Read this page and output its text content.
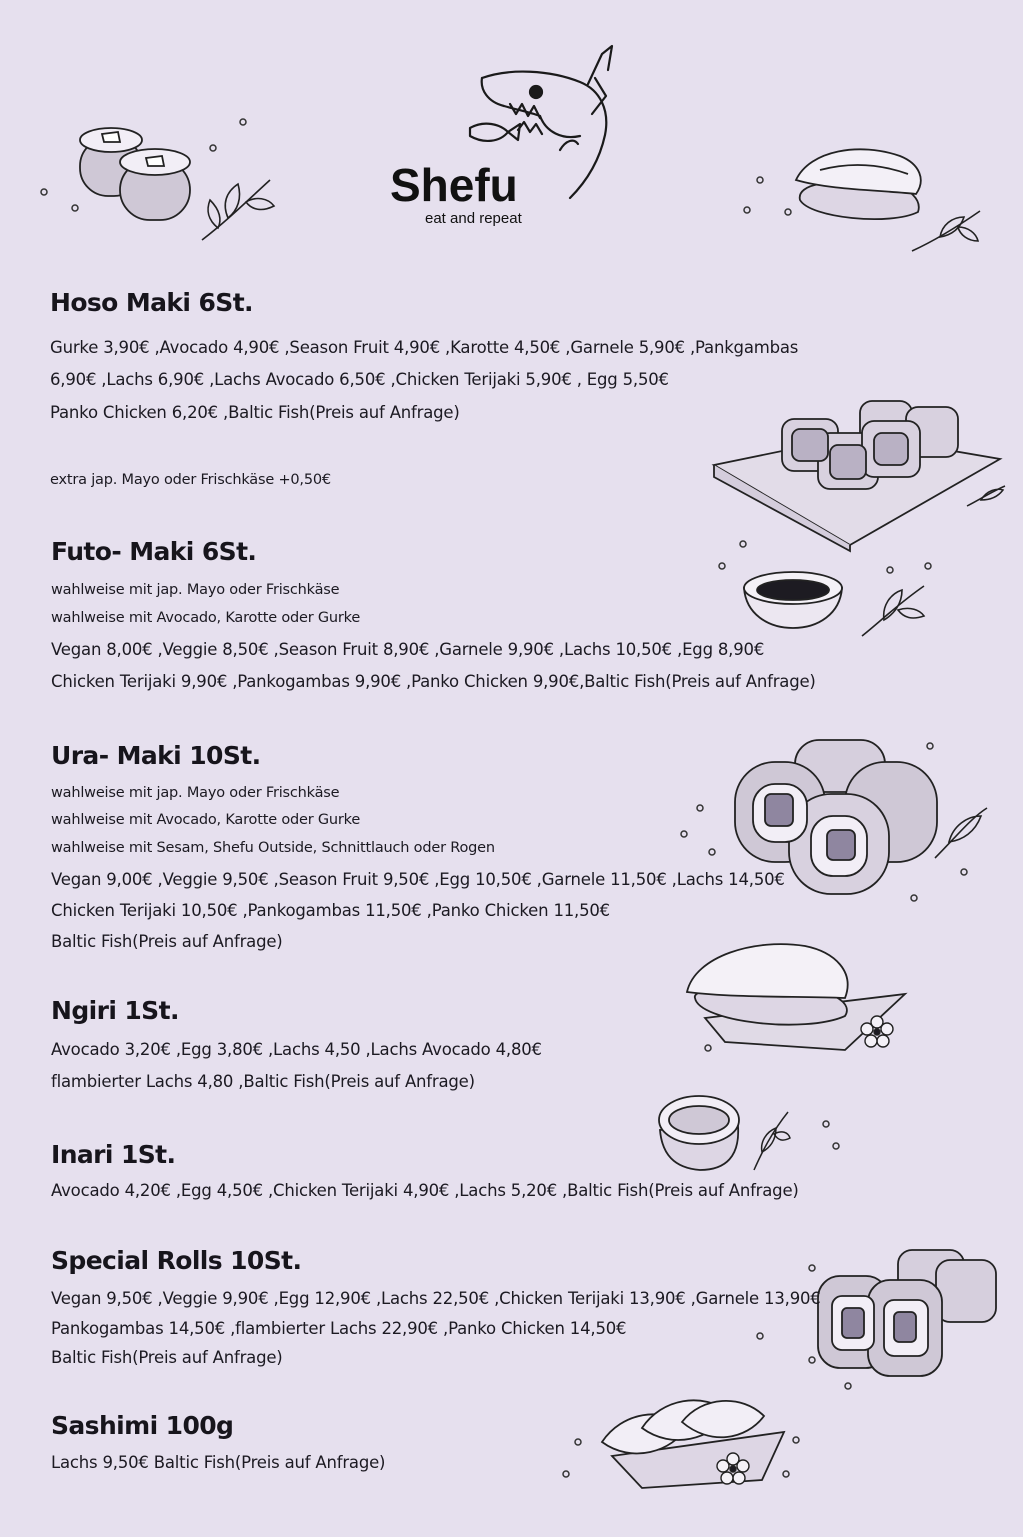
Shefu
eat and repeat
Hoso Maki 6St.
Gurke 3,90€ ,Avocado 4,90€ ,Season Fruit 4,90€ ,Karotte 4,50€ ,Garnele 5,90€ ,Pankgambas
6,90€ ,Lachs 6,90€ ,Lachs Avocado 6,50€ ,Chicken Terijaki 5,90€ , Egg 5,50€
Panko Chicken 6,20€ ,Baltic Fish(Preis auf Anfrage)
extra jap. Mayo oder Frischkäse +0,50€
Futo- Maki 6St.
wahlweise mit jap. Mayo oder Frischkäse
wahlweise mit Avocado, Karotte oder Gurke
Vegan 8,00€ ,Veggie 8,50€ ,Season Fruit 8,90€ ,Garnele 9,90€ ,Lachs 10,50€ ,Egg 8,90€
Chicken Terijaki 9,90€ ,Pankogambas 9,90€ ,Panko Chicken 9,90€,Baltic Fish(Preis auf Anfrage)
Ura- Maki 10St.
wahlweise mit jap. Mayo oder Frischkäse
wahlweise mit Avocado, Karotte oder Gurke
wahlweise mit Sesam, Shefu Outside, Schnittlauch oder Rogen
Vegan 9,00€ ,Veggie 9,50€ ,Season Fruit 9,50€ ,Egg 10,50€ ,Garnele 11,50€ ,Lachs 14,50€
Chicken Terijaki 10,50€ ,Pankogambas 11,50€ ,Panko Chicken 11,50€
Baltic Fish(Preis auf Anfrage)
Ngiri 1St.
Avocado 3,20€ ,Egg 3,80€ ,Lachs 4,50 ,Lachs Avocado 4,80€
flambierter Lachs 4,80 ,Baltic Fish(Preis auf Anfrage)
Inari 1St.
Avocado 4,20€ ,Egg 4,50€ ,Chicken Terijaki 4,90€ ,Lachs 5,20€ ,Baltic Fish(Preis auf Anfrage)
Special Rolls 10St.
Vegan 9,50€ ,Veggie 9,90€ ,Egg 12,90€ ,Lachs 22,50€ ,Chicken Terijaki 13,90€ ,Garnele 13,90€
Pankogambas 14,50€ ,flambierter Lachs 22,90€ ,Panko Chicken 14,50€
Baltic Fish(Preis auf Anfrage)
Sashimi 100g
Lachs 9,50€ Baltic Fish(Preis auf Anfrage)
